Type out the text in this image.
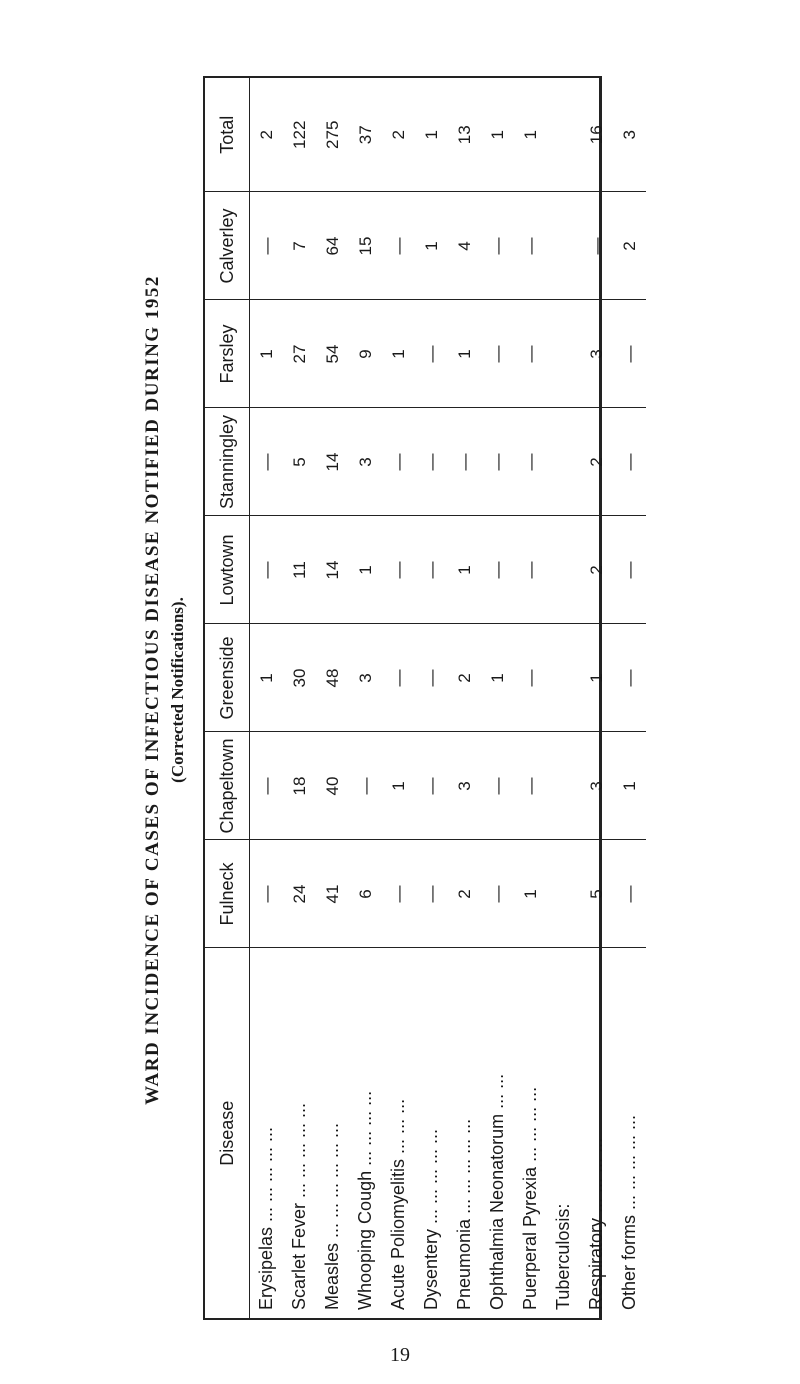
WARD INCIDENCE OF CASES OF INFECTIOUS DISEASE NOTIFIED DURING 1952 (Corrected Notifications).
Disease	Fulneck	Chapeltown	Greenside	Lowtown	Stanningley	Farsley	Calverley	Total
Erysipelas ... ... ... ... ...	—	—	1	—	—	1	—	2
Scarlet Fever ... ... ... ... ...	24	18	30	11	5	27	7	122
Measles ... ... ... ... ... ...	41	40	48	14	14	54	64	275
Whooping Cough ... ... ... ...	6	—	3	1	3	9	15	37
Acute Poliomyelitis ... ... ...	—	1	—	—	—	1	—	2
Dysentery ... ... ... ... ...	—	—	—	—	—	—	1	1
Pneumonia ... ... ... ... ...	2	3	2	1	—	1	4	13
Ophthalmia Neonatorum ... ...	—	—	1	—	—	—	—	1
Puerperal Pyrexia ... ... ... ...	1	—	—	—	—	—	—	1
Tuberculosis:								
Respiratory ... ... ... ...	5	3	1	2	2	3	—	16
Other forms ... ... ... ... ...	—	1	—	—	—	—	2	3
19
